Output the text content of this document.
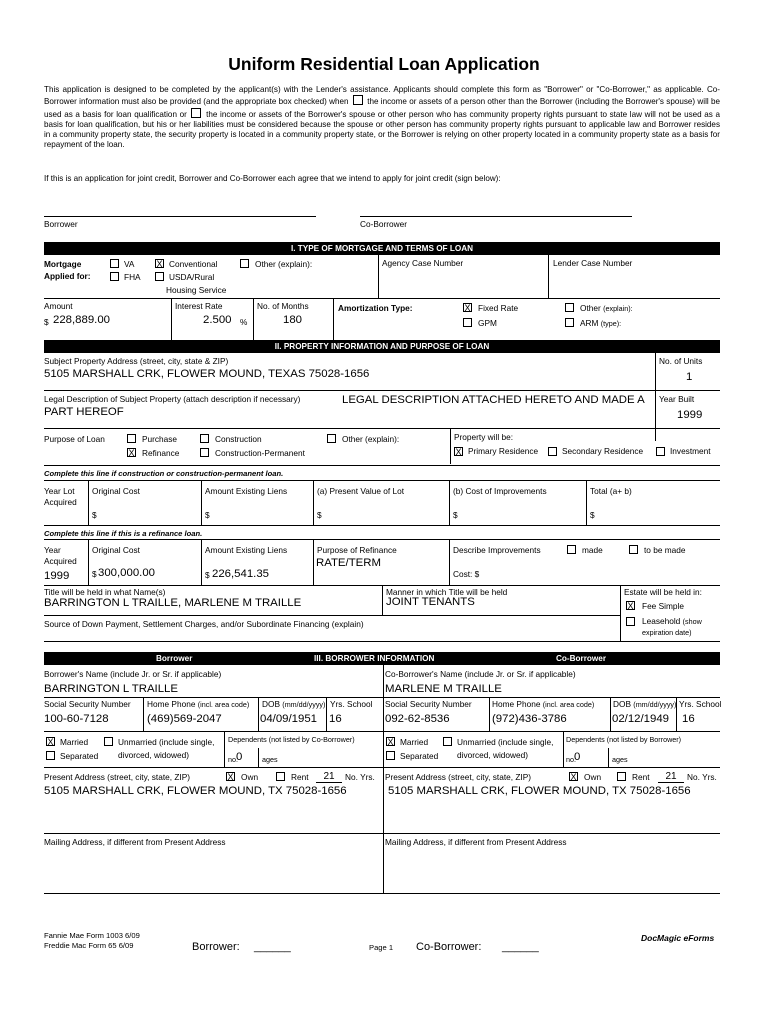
Uniform Residential Loan Application
This application is designed to be completed by the applicant(s) with the Lender's assistance. Applicants should complete this form as "Borrower" or "Co-Borrower," as applicable. Co-Borrower information must also be provided (and the appropriate box checked) when the income or assets of a person other than the Borrower (including the Borrower's spouse) will be used as a basis for loan qualification or the income or assets of the Borrower's spouse or other person who has community property rights pursuant to state law will not be used as a basis for loan qualification, but his or her liabilities must be considered because the spouse or other person has community property rights pursuant to applicable law and Borrower resides in a community property state, the security property is located in a community property state, or the Borrower is relying on other property located in a community property state as a basis for repayment of the loan.
If this is an application for joint credit, Borrower and Co-Borrower each agree that we intend to apply for joint credit (sign below):
Borrower	Co-Borrower
I. TYPE OF MORTGAGE AND TERMS OF LOAN
Mortgage
Applied for:
VA
FHA
X Conventional
USDA/Rural
Housing Service
Other (explain):	Agency Case Number	Lender Case Number
Amount
$ 228,889.00
Interest Rate
2.500 %
No. of Months
180
Amortization Type:	X Fixed Rate
GPM
Other (explain):
ARM (type):
II. PROPERTY INFORMATION AND PURPOSE OF LOAN
Subject Property Address (street, city, state & ZIP)
5105 MARSHALL CRK, FLOWER MOUND, TEXAS 75028-1656
No. of Units
1
Legal Description of Subject Property (attach description if necessary)	LEGAL DESCRIPTION ATTACHED HERETO AND MADE A
PART HEREOF
Year Built
1999
Purpose of Loan	Purchase
X Refinance
Construction
Construction-Permanent
Other (explain):	Property will be:
X Primary Residence	Secondary Residence	Investment
Complete this line if construction or construction-permanent loan.
Year Lot
Acquired
Original Cost
$
Amount Existing Liens
$
(a) Present Value of Lot
$
(b) Cost of Improvements
$
Total (a+ b)
$
Complete this line if this is a refinance loan.
Year
Acquired
1999
Original Cost
$ 300,000.00
Amount Existing Liens
$ 226,541.35
Purpose of Refinance
RATE/TERM
Describe Improvements	made	to be made
Cost: $
Title will be held in what Name(s)
BARRINGTON L TRAILLE, MARLENE M TRAILLE
Manner in which Title will be held
JOINT TENANTS
Estate will be held in:
X Fee Simple
Leasehold (show
expiration date)
Source of Down Payment, Settlement Charges, and/or Subordinate Financing (explain)
Borrower	III. BORROWER INFORMATION	Co-Borrower
Borrower's Name (include Jr. or Sr. if applicable)
BARRINGTON L TRAILLE
Co-Borrower's Name (include Jr. or Sr. if applicable)
MARLENE M TRAILLE
Social Security Number Home Phone (incl. area code) DOB (mm/dd/yyyy) Yrs. School
100-60-7128	(469)569-2047	04/09/1951 16
Social Security Number Home Phone (incl. area code) DOB (mm/dd/yyyy) Yrs. School
092-62-8536	(972)436-3786	02/12/1949 16
X Married	Unmarried (include single,
divorced, widowed)
Separated
Dependents (not listed by Co-Borrower)
no.
0	ages
X Married	Unmarried (include single,
divorced, widowed)
Separated
Dependents (not listed by Borrower)
no.
0	ages
Present Address (street, city, state, ZIP)	X Own	Rent	21	No. Yrs.
5105 MARSHALL CRK, FLOWER MOUND, TX 75028-1656
Present Address (street, city, state, ZIP)	X Own	Rent	21	No. Yrs.
5105 MARSHALL CRK, FLOWER MOUND, TX 75028-1656
Mailing Address, if different from Present Address	Mailing Address, if different from Present Address
Fannie Mae Form 1003 6/09
Freddie Mac Form 65 6/09	Borrower: ______	Page 1 Co-Borrower: ______
DocMagic eForms
